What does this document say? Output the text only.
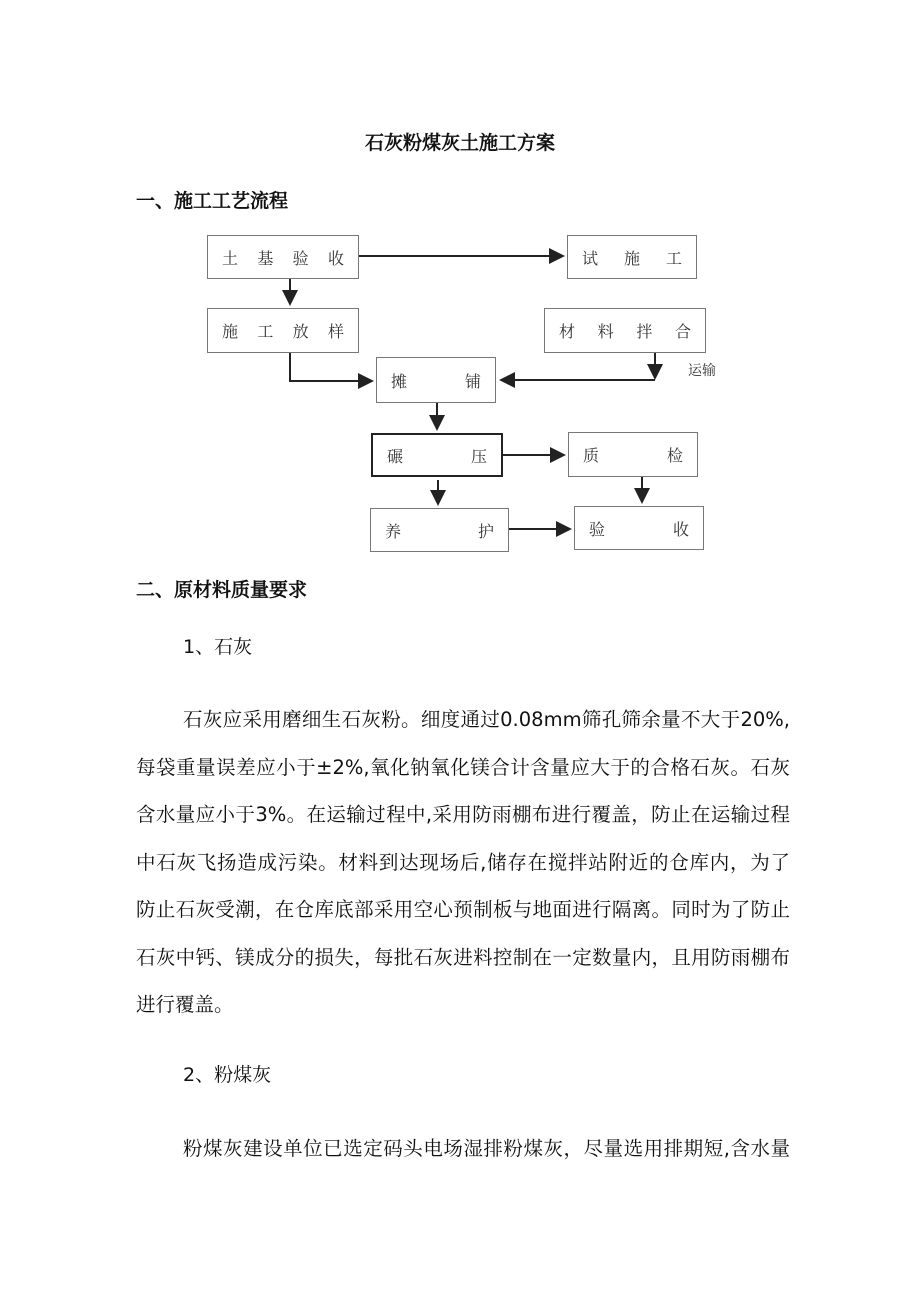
石灰粉煤灰土施工方案
一、施工工艺流程
土 基 验 收	试 施 工
施 工 放 样	材 料 拌 合
运输
摊	铺
碾	压	质	检
养	护	验	收
二、原材料质量要求
1、石灰
石灰应采用磨细生石灰粉。细度通过0.08mm筛孔筛余量不大于20%,
每袋重量误差应小于±2%,氧化钠氧化镁合计含量应大于的合格石灰。石灰
含水量应小于3%。在运输过程中,采用防雨棚布进行覆盖，防止在运输过程
中石灰飞扬造成污染。材料到达现场后,储存在搅拌站附近的仓库内，为了
防止石灰受潮，在仓库底部采用空心预制板与地面进行隔离。同时为了防止
石灰中钙、镁成分的损失，每批石灰进料控制在一定数量内，且用防雨棚布
进行覆盖。
2、粉煤灰
粉煤灰建设单位已选定码头电场湿排粉煤灰，尽量选用排期短,含水量
